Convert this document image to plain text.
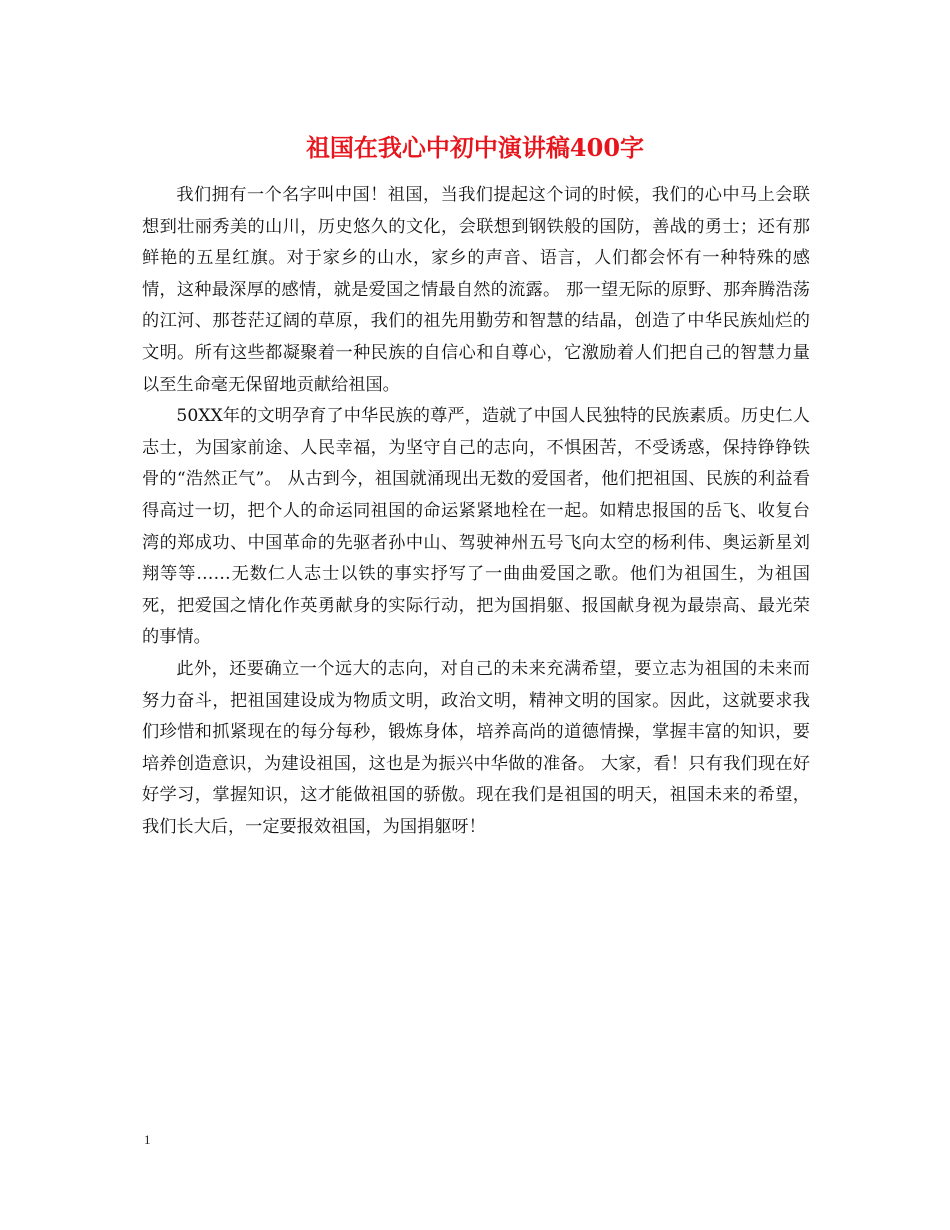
祖国在我心中初中演讲稿400字

我们拥有一个名字叫中国！祖国，当我们提起这个词的时候，我们的心中马上会联想到壮丽秀美的山川，历史悠久的文化，会联想到钢铁般的国防，善战的勇士；还有那鲜艳的五星红旗。对于家乡的山水，家乡的声音、语言，人们都会怀有一种特殊的感情，这种最深厚的感情，就是爱国之情最自然的流露。 那一望无际的原野、那奔腾浩荡的江河、那苍茫辽阔的草原，我们的祖先用勤劳和智慧的结晶，创造了中华民族灿烂的文明。所有这些都凝聚着一种民族的自信心和自尊心，它激励着人们把自己的智慧力量以至生命毫无保留地贡献给祖国。

50XX年的文明孕育了中华民族的尊严，造就了中国人民独特的民族素质。历史仁人志士，为国家前途、人民幸福，为坚守自己的志向，不惧困苦，不受诱惑，保持铮铮铁骨的“浩然正气”。 从古到今，祖国就涌现出无数的爱国者，他们把祖国、民族的利益看得高过一切，把个人的命运同祖国的命运紧紧地栓在一起。如精忠报国的岳飞、收复台湾的郑成功、中国革命的先驱者孙中山、驾驶神州五号飞向太空的杨利伟、奥运新星刘翔等等……无数仁人志士以铁的事实抒写了一曲曲爱国之歌。他们为祖国生，为祖国死，把爱国之情化作英勇献身的实际行动，把为国捐躯、报国献身视为最崇高、最光荣的事情。

此外，还要确立一个远大的志向，对自己的未来充满希望，要立志为祖国的未来而努力奋斗，把祖国建设成为物质文明，政治文明，精神文明的国家。因此，这就要求我们珍惜和抓紧现在的每分每秒，锻炼身体，培养高尚的道德情操，掌握丰富的知识，要培养创造意识，为建设祖国，这也是为振兴中华做的准备。 大家，看！只有我们现在好好学习，掌握知识，这才能做祖国的骄傲。现在我们是祖国的明天，祖国未来的希望，我们长大后，一定要报效祖国，为国捐躯呀！

1
